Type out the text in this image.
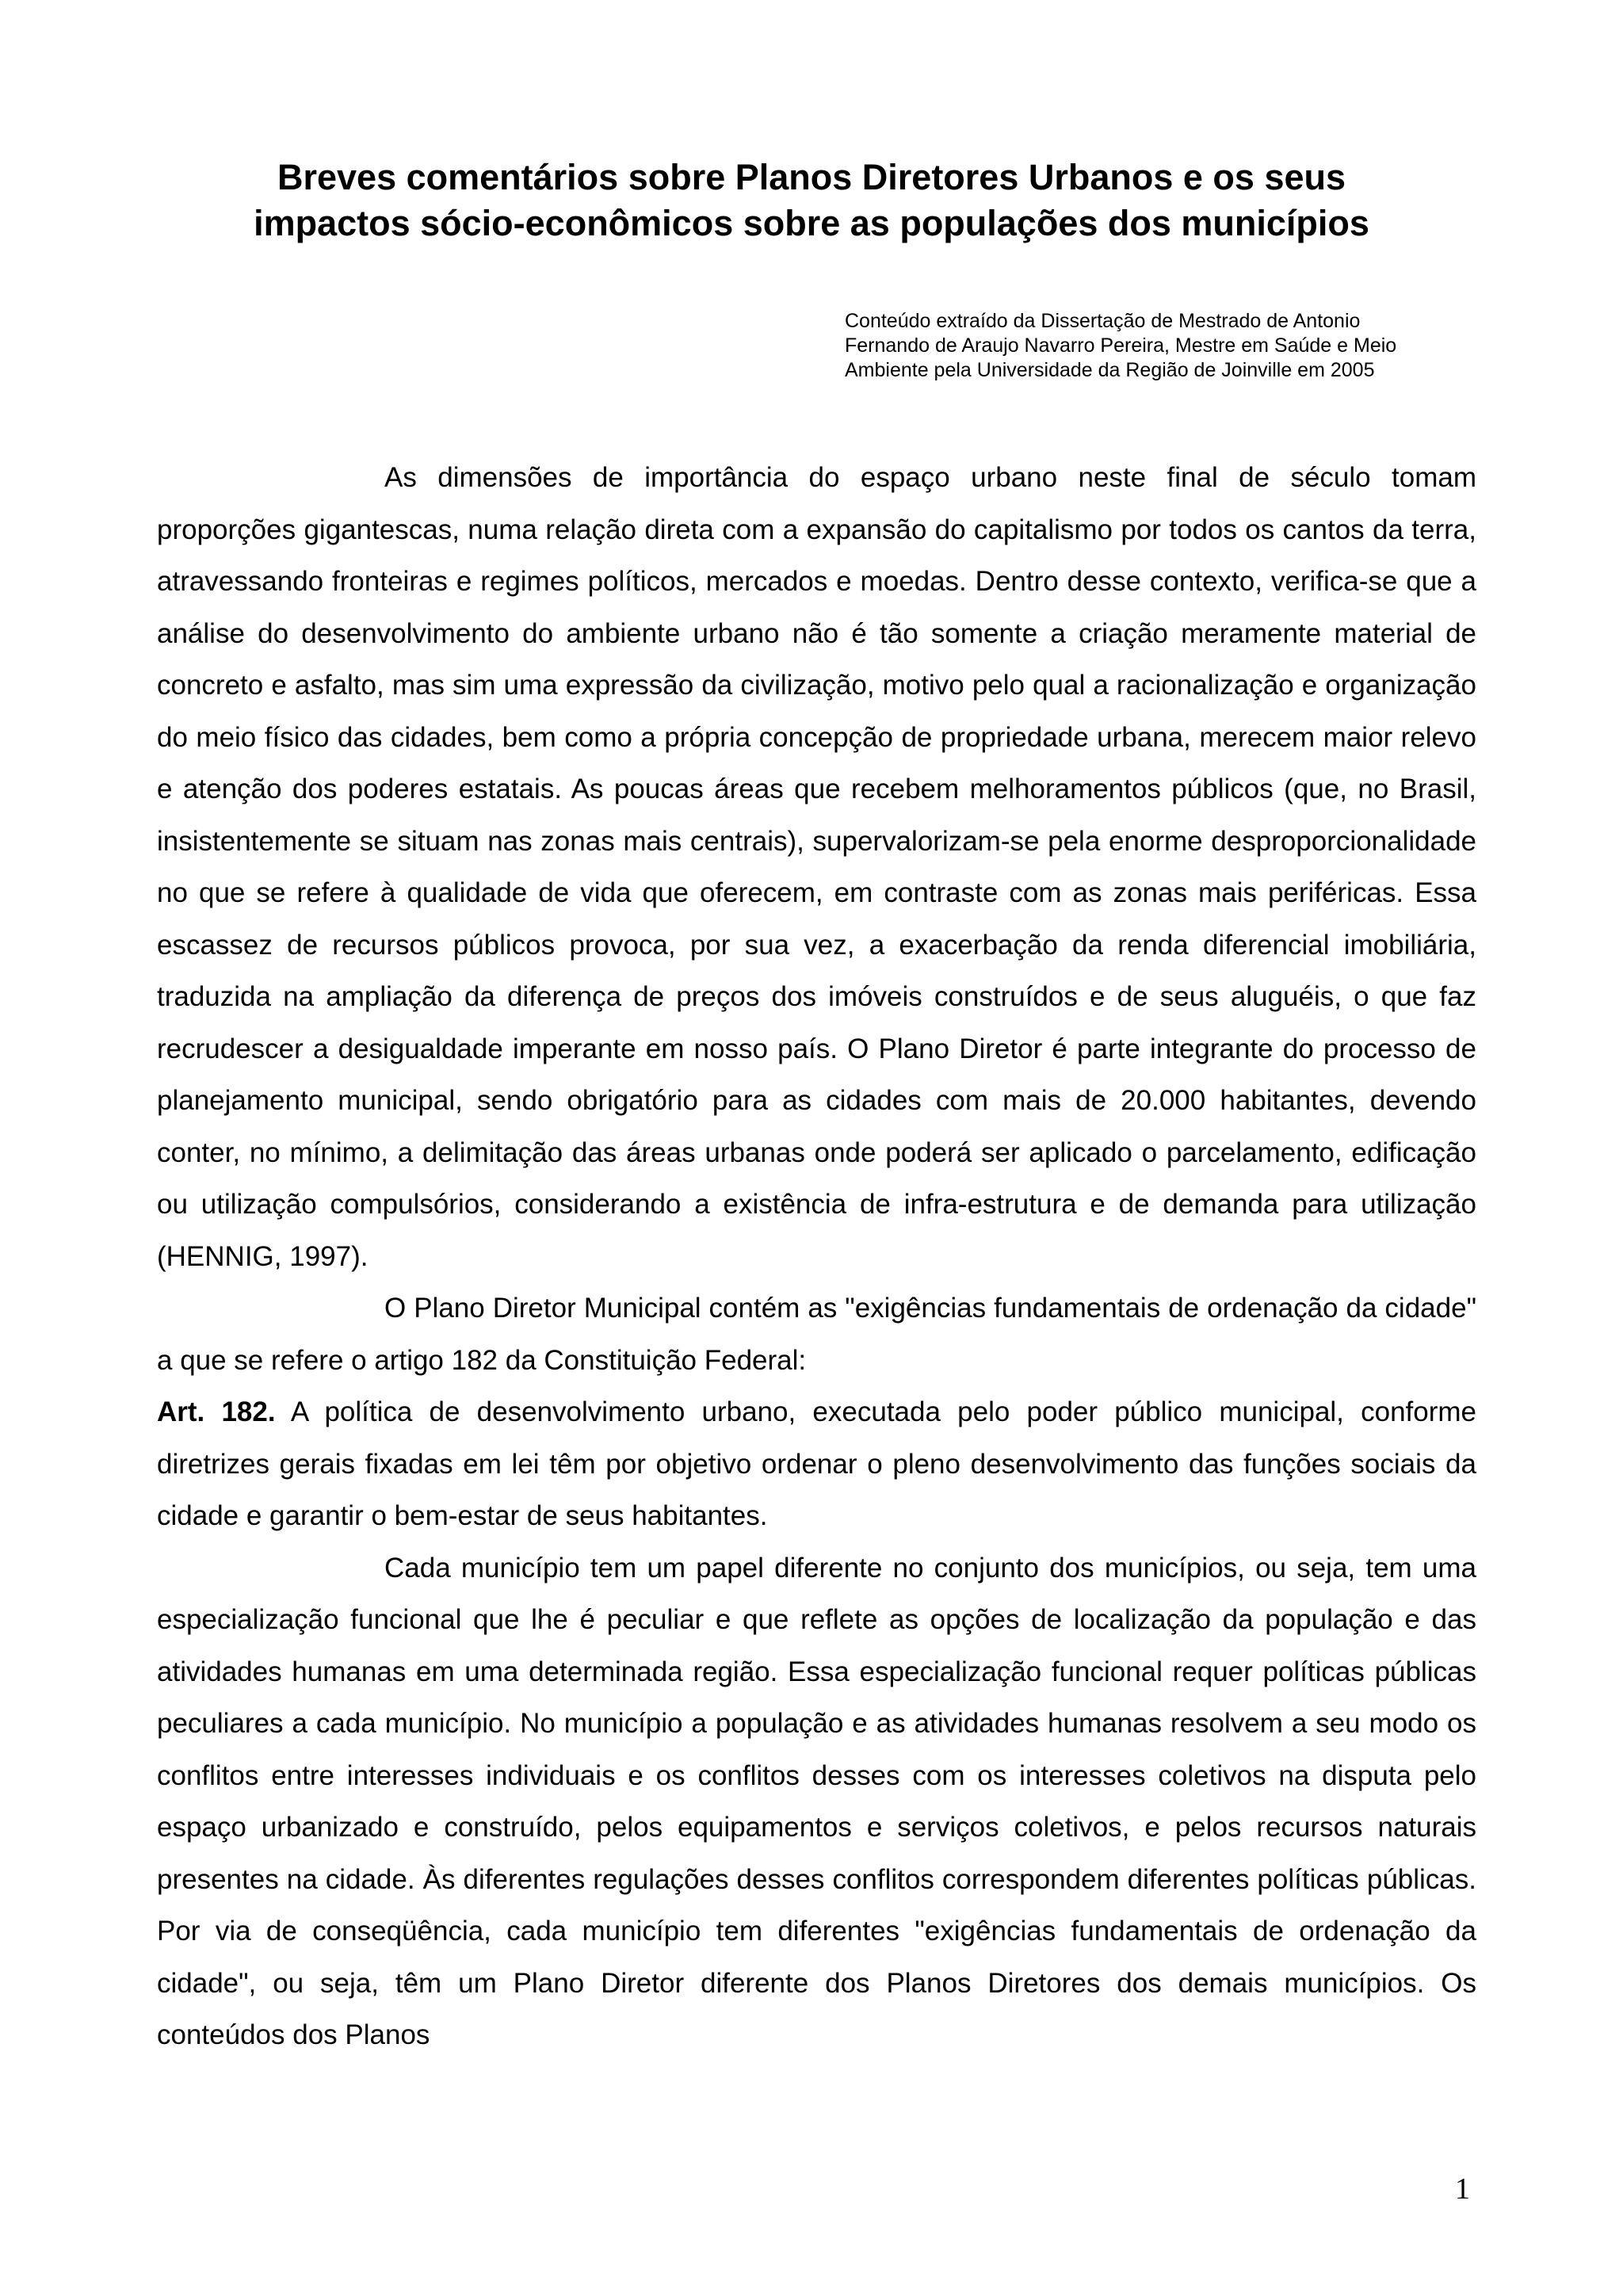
Breves comentários sobre Planos Diretores Urbanos e os seus
impactos sócio-econômicos sobre as populações dos municípios
Conteúdo extraído da Dissertação de Mestrado de Antonio
Fernando de Araujo Navarro Pereira, Mestre em Saúde e Meio
Ambiente pela Universidade da Região de Joinville em 2005

As dimensões de importância do espaço urbano neste final de século tomam proporções gigantescas, numa relação direta com a expansão do capitalismo por todos os cantos da terra, atravessando fronteiras e regimes políticos, mercados e moedas. Dentro desse contexto, verifica-se que a análise do desenvolvimento do ambiente urbano não é tão somente a criação meramente material de concreto e asfalto, mas sim uma expressão da civilização, motivo pelo qual a racionalização e organização do meio físico das cidades, bem como a própria concepção de propriedade urbana, merecem maior relevo e atenção dos poderes estatais. As poucas áreas que recebem melhoramentos públicos (que, no Brasil, insistentemente se situam nas zonas mais centrais), supervalorizam-se pela enorme desproporcionalidade no que se refere à qualidade de vida que oferecem, em contraste com as zonas mais periféricas. Essa escassez de recursos públicos provoca, por sua vez, a exacerbação da renda diferencial imobiliária, traduzida na ampliação da diferença de preços dos imóveis construídos e de seus aluguéis, o que faz recrudescer a desigualdade imperante em nosso país. O Plano Diretor é parte integrante do processo de planejamento municipal, sendo obrigatório para as cidades com mais de 20.000 habitantes, devendo conter, no mínimo, a delimitação das áreas urbanas onde poderá ser aplicado o parcelamento, edificação ou utilização compulsórios, considerando a existência de infra-estrutura e de demanda para utilização (HENNIG, 1997).

O Plano Diretor Municipal contém as "exigências fundamentais de ordenação da cidade" a que se refere o artigo 182 da Constituição Federal:

Art. 182. A política de desenvolvimento urbano, executada pelo poder público municipal, conforme diretrizes gerais fixadas em lei têm por objetivo ordenar o pleno desenvolvimento das funções sociais da cidade e garantir o bem-estar de seus habitantes.

Cada município tem um papel diferente no conjunto dos municípios, ou seja, tem uma especialização funcional que lhe é peculiar e que reflete as opções de localização da população e das atividades humanas em uma determinada região. Essa especialização funcional requer políticas públicas peculiares a cada município. No município a população e as atividades humanas resolvem a seu modo os conflitos entre interesses individuais e os conflitos desses com os interesses coletivos na disputa pelo espaço urbanizado e construído, pelos equipamentos e serviços coletivos, e pelos recursos naturais presentes na cidade. Às diferentes regulações desses conflitos correspondem diferentes políticas públicas. Por via de conseqüência, cada município tem diferentes "exigências fundamentais de ordenação da cidade", ou seja, têm um Plano Diretor diferente dos Planos Diretores dos demais municípios. Os conteúdos dos Planos

1
